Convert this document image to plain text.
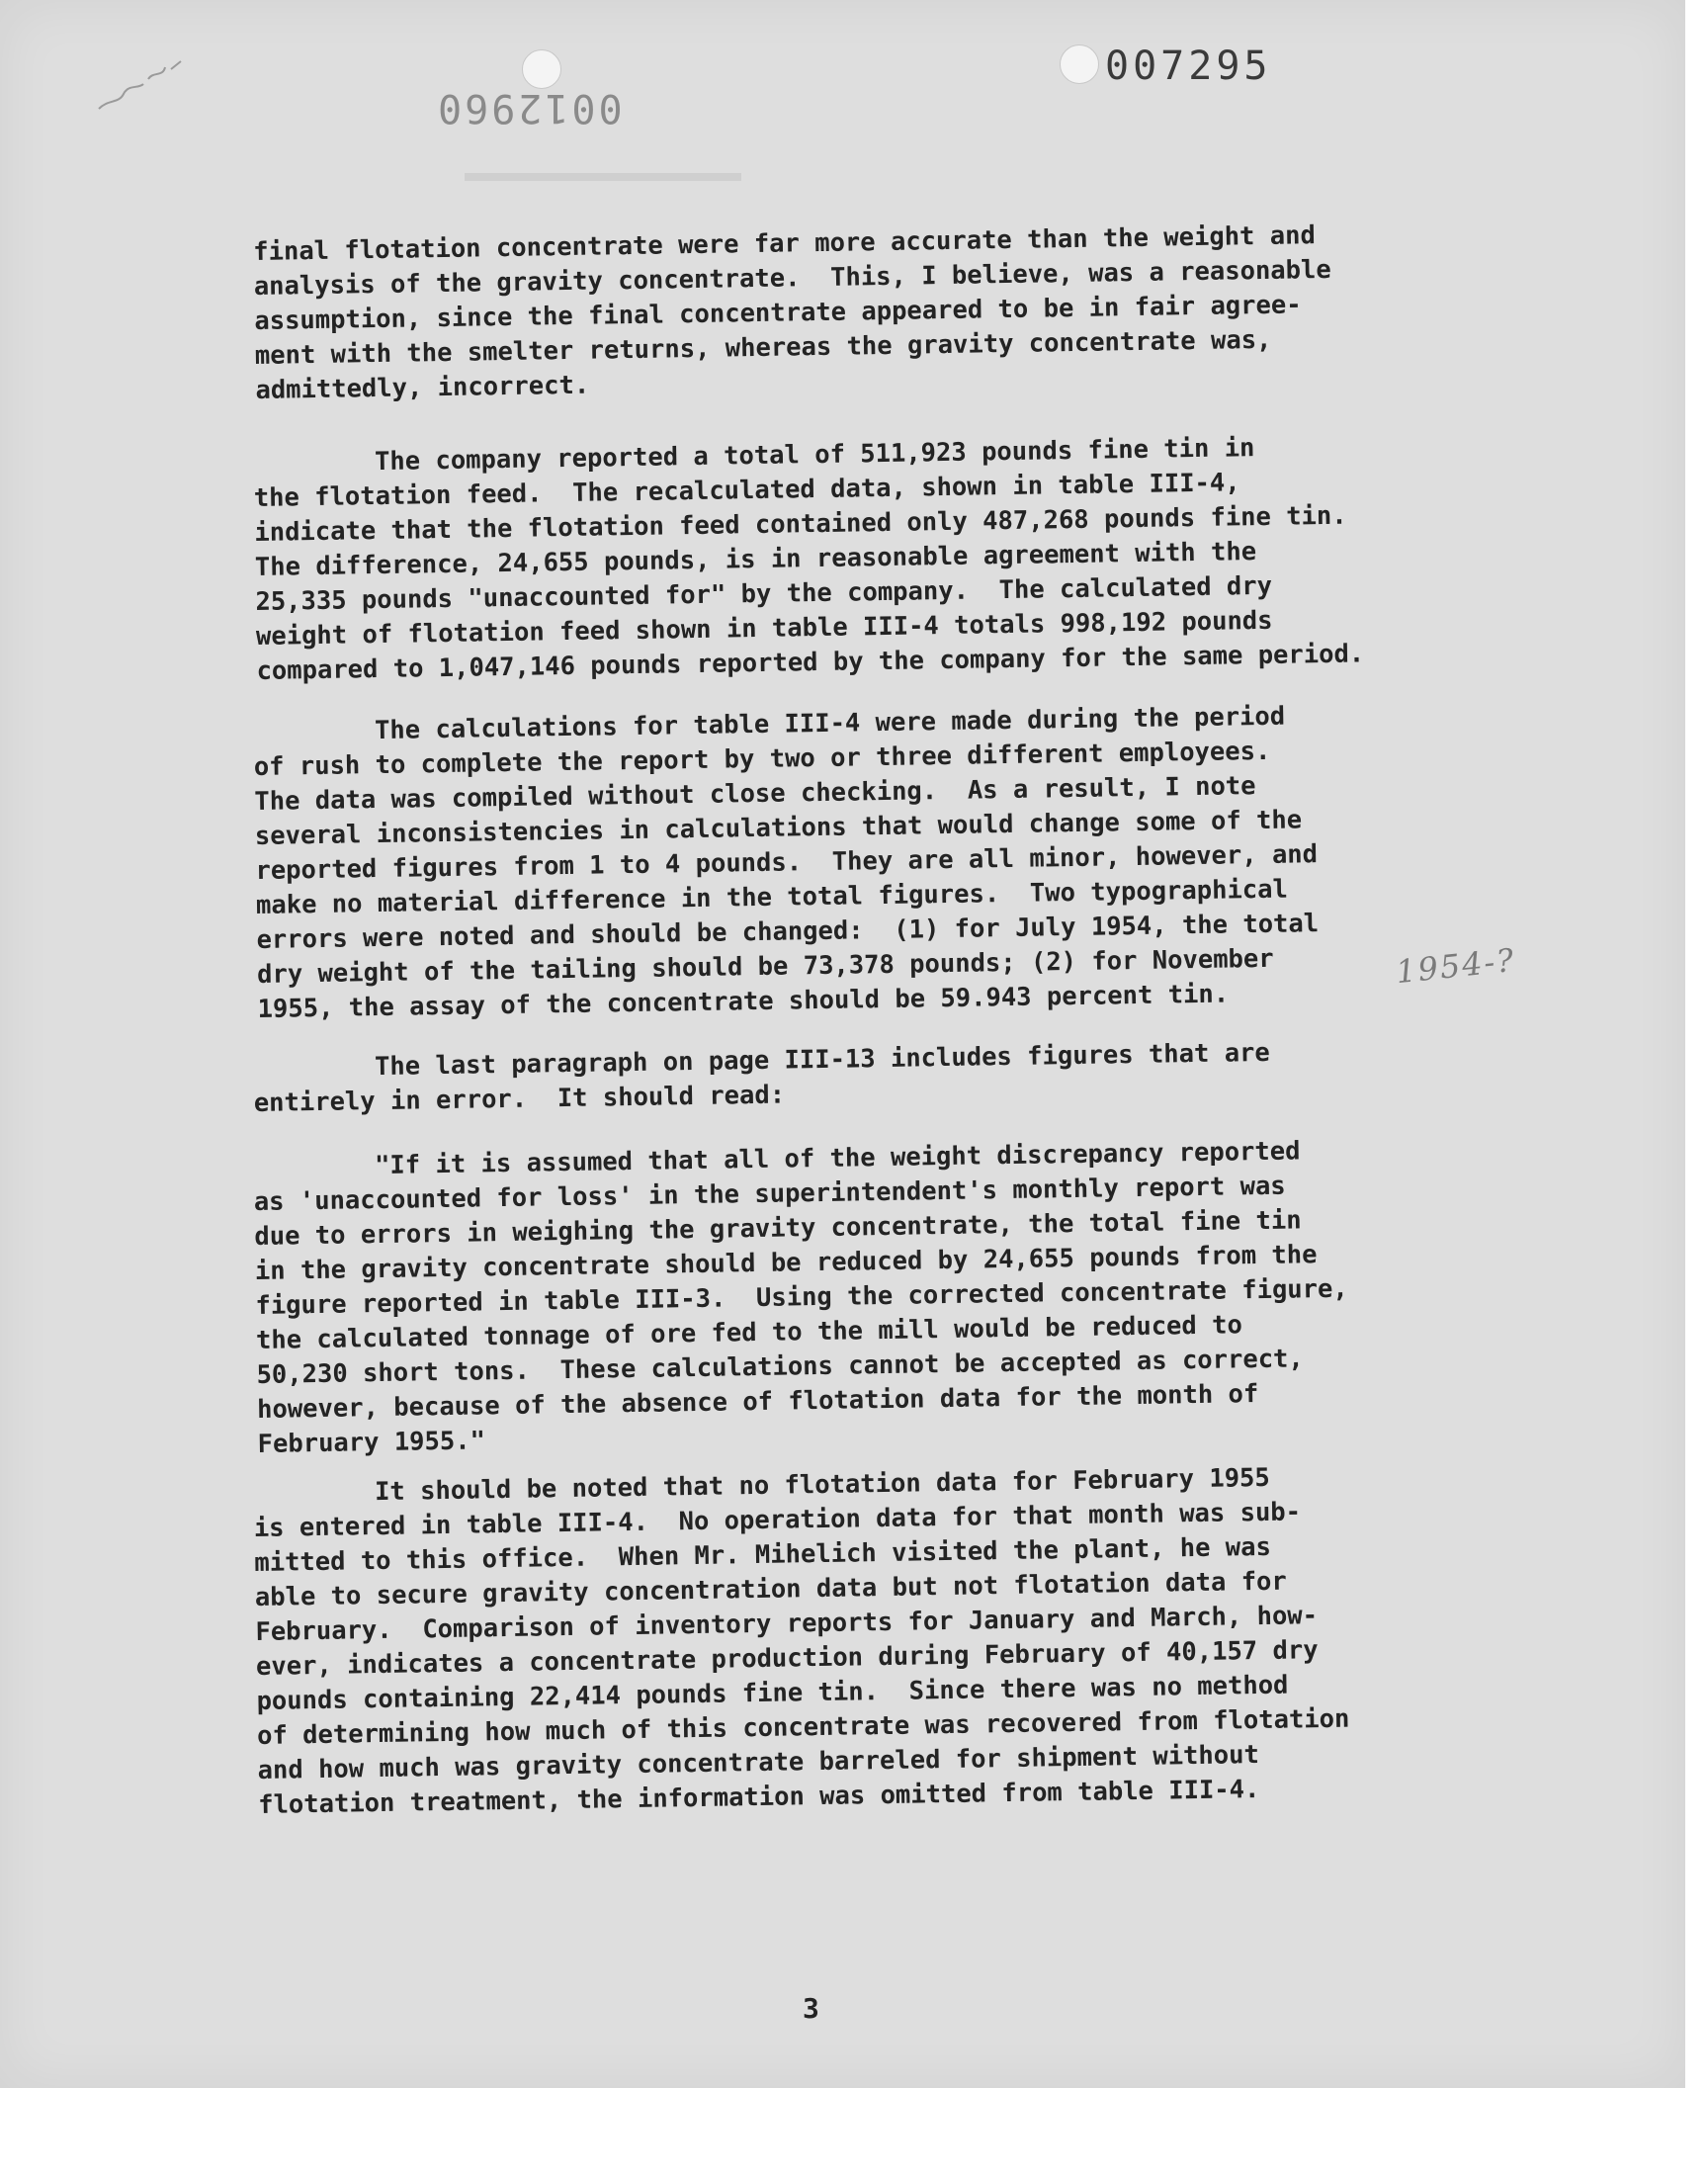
007295
0012960
final flotation concentrate were far more accurate than the weight and
analysis of the gravity concentrate.  This, I believe, was a reasonable
assumption, since the final concentrate appeared to be in fair agree-
ment with the smelter returns, whereas the gravity concentrate was,
admittedly, incorrect.
The company reported a total of 511,923 pounds fine tin in
the flotation feed.  The recalculated data, shown in table III-4,
indicate that the flotation feed contained only 487,268 pounds fine tin.
The difference, 24,655 pounds, is in reasonable agreement with the
25,335 pounds "unaccounted for" by the company.  The calculated dry
weight of flotation feed shown in table III-4 totals 998,192 pounds
compared to 1,047,146 pounds reported by the company for the same period.
The calculations for table III-4 were made during the period
of rush to complete the report by two or three different employees.
The data was compiled without close checking.  As a result, I note
several inconsistencies in calculations that would change some of the
reported figures from 1 to 4 pounds.  They are all minor, however, and
make no material difference in the total figures.  Two typographical
errors were noted and should be changed:  (1) for July 1954, the total
dry weight of the tailing should be 73,378 pounds; (2) for November
1955, the assay of the concentrate should be 59.943 percent tin.
1954-?
The last paragraph on page III-13 includes figures that are
entirely in error.  It should read:
"If it is assumed that all of the weight discrepancy reported
as 'unaccounted for loss' in the superintendent's monthly report was
due to errors in weighing the gravity concentrate, the total fine tin
in the gravity concentrate should be reduced by 24,655 pounds from the
figure reported in table III-3.  Using the corrected concentrate figure,
the calculated tonnage of ore fed to the mill would be reduced to
50,230 short tons.  These calculations cannot be accepted as correct,
however, because of the absence of flotation data for the month of
February 1955."
It should be noted that no flotation data for February 1955
is entered in table III-4.  No operation data for that month was sub-
mitted to this office.  When Mr. Mihelich visited the plant, he was
able to secure gravity concentration data but not flotation data for
February.  Comparison of inventory reports for January and March, how-
ever, indicates a concentrate production during February of 40,157 dry
pounds containing 22,414 pounds fine tin.  Since there was no method
of determining how much of this concentrate was recovered from flotation
and how much was gravity concentrate barreled for shipment without
flotation treatment, the information was omitted from table III-4.
3
